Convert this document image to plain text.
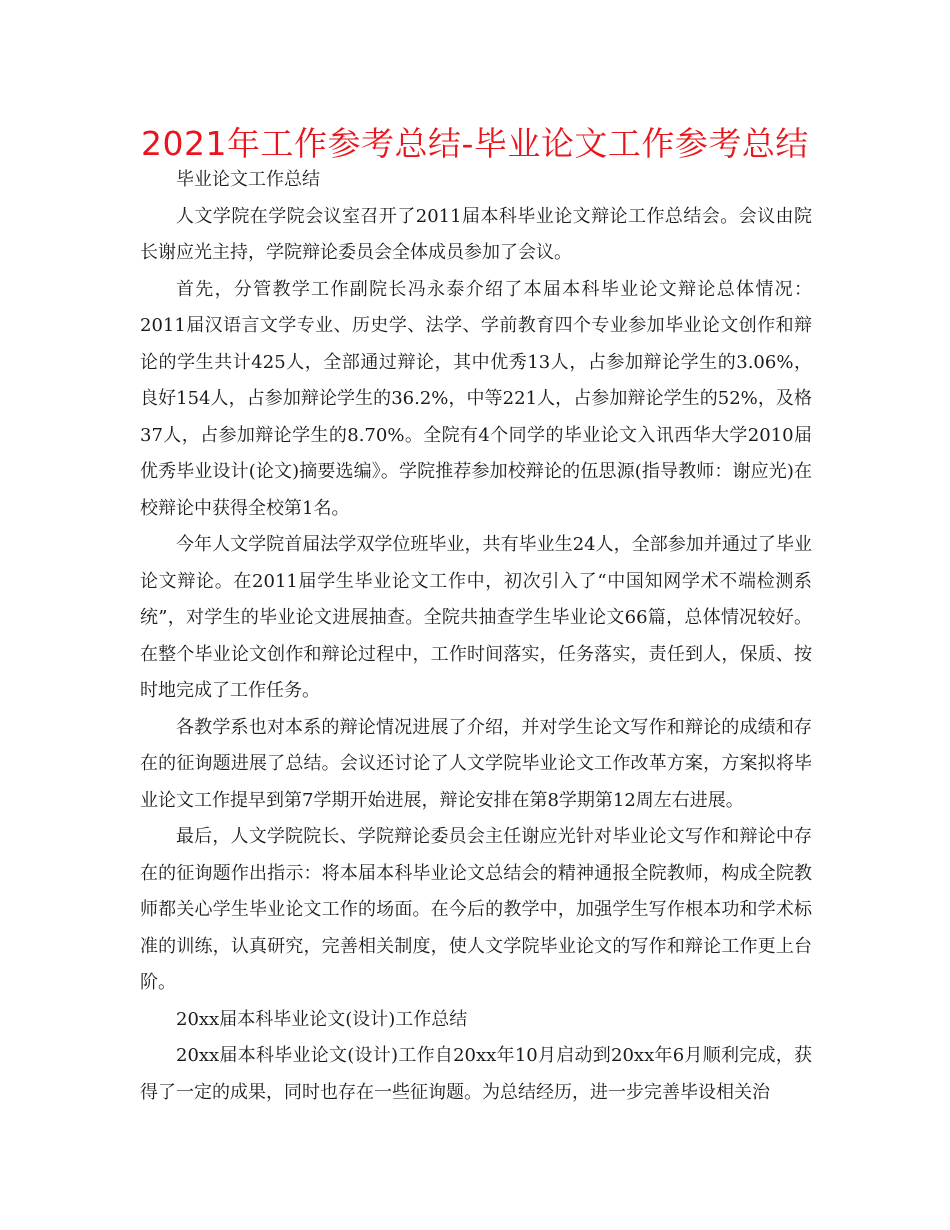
2021年工作参考总结-毕业论文工作参考总结

毕业论文工作总结

人文学院在学院会议室召开了2011届本科毕业论文辩论工作总结会。会议由院长谢应光主持，学院辩论委员会全体成员参加了会议。

首先，分管教学工作副院长冯永泰介绍了本届本科毕业论文辩论总体情况：2011届汉语言文学专业、历史学、法学、学前教育四个专业参加毕业论文创作和辩论的学生共计425人，全部通过辩论，其中优秀13人，占参加辩论学生的3.06%，良好154人，占参加辩论学生的36.2%，中等221人，占参加辩论学生的52%，及格37人，占参加辩论学生的8.70%。全院有4个同学的毕业论文入讯西华大学2010届优秀毕业设计(论文)摘要选编》。学院推荐参加校辩论的伍思源(指导教师：谢应光)在校辩论中获得全校第1名。

今年人文学院首届法学双学位班毕业，共有毕业生24人，全部参加并通过了毕业论文辩论。在2011届学生毕业论文工作中，初次引入了“中国知网学术不端检测系统”，对学生的毕业论文进展抽查。全院共抽查学生毕业论文66篇，总体情况较好。在整个毕业论文创作和辩论过程中，工作时间落实，任务落实，责任到人，保质、按时地完成了工作任务。

各教学系也对本系的辩论情况进展了介绍，并对学生论文写作和辩论的成绩和存在的征询题进展了总结。会议还讨论了人文学院毕业论文工作改革方案，方案拟将毕业论文工作提早到第7学期开始进展，辩论安排在第8学期第12周左右进展。

最后，人文学院院长、学院辩论委员会主任谢应光针对毕业论文写作和辩论中存在的征询题作出指示：将本届本科毕业论文总结会的精神通报全院教师，构成全院教师都关心学生毕业论文工作的场面。在今后的教学中，加强学生写作根本功和学术标准的训练，认真研究，完善相关制度，使人文学院毕业论文的写作和辩论工作更上台阶。

20xx届本科毕业论文(设计)工作总结

20xx届本科毕业论文(设计)工作自20xx年10月启动到20xx年6月顺利完成，获得了一定的成果，同时也存在一些征询题。为总结经历，进一步完善毕设相关治
